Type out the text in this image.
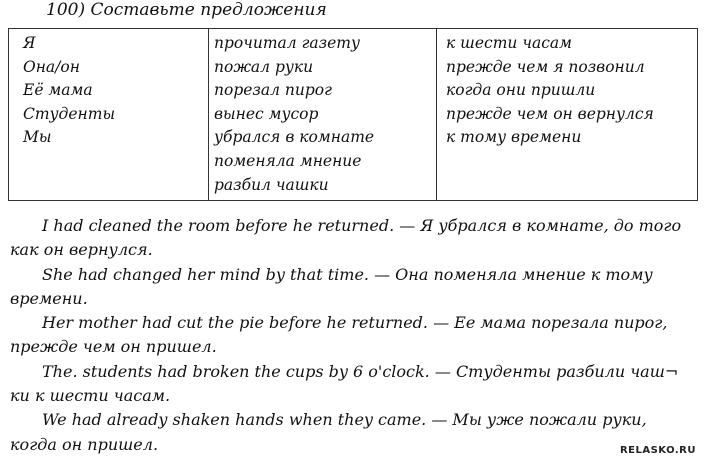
100) Составьте предложения
Я
Она/он
Её мама
Студенты
Мы
прочитал газету
пожал руки
порезал пирог
вынес мусор
убрался в комнате
поменяла мнение
разбил чашки
к шести часам
прежде чем я позвонил
когда они пришли
прежде чем он вернулся
к тому времени
I had cleaned the room before he returned. — Я убрался в комнате, до того
как он вернулся.
She had changed her mind by that time. — Она поменяла мнение к тому
времени.
Her mother had cut the pie before he returned. — Ее мама порезала пирог,
прежде чем он пришел.
The. students had broken the cups by 6 o'clock. — Студенты разбили чаш¬
ки к шести часам.
We had already shaken hands when they came. — Мы уже пожали руки,
когда он пришел.	RELASKO.RU
